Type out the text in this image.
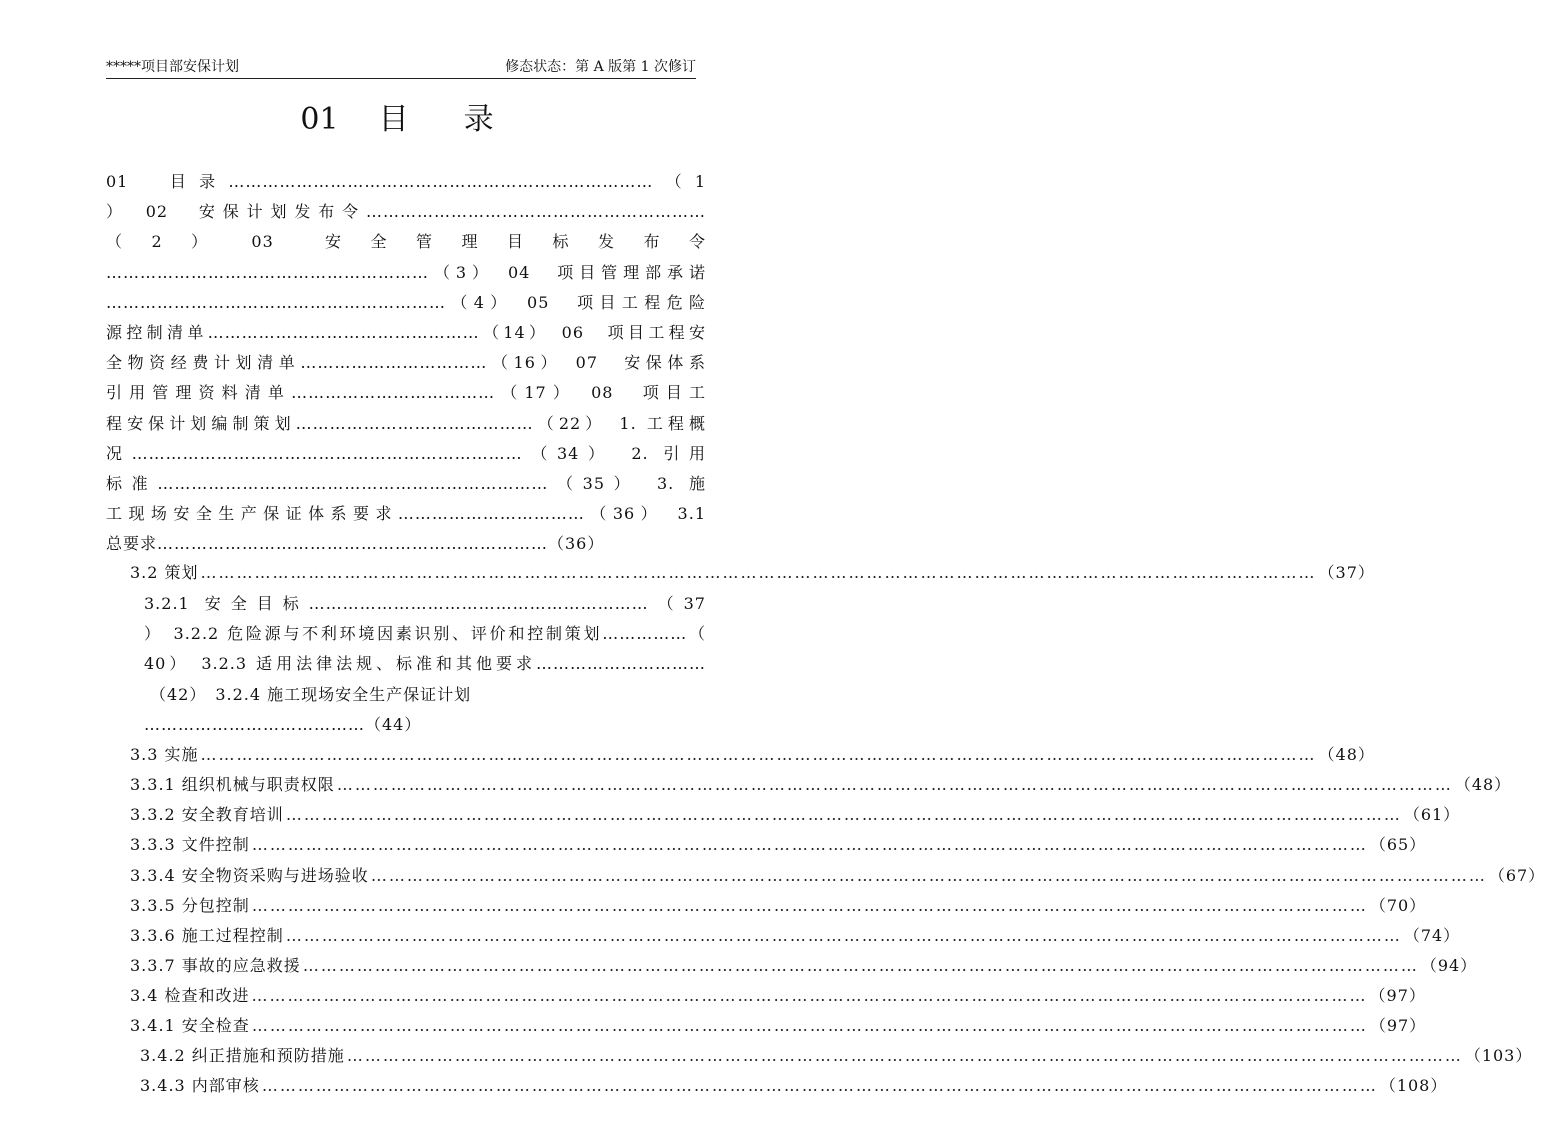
*****项目部安保计划	修态状态：第 A 版第 1 次修订
01 目 录
01　目录…………………………………………………………………（1
）　02　安保计划发布令……………………………………………………
（　2　）　　03　　安　全　管　理　目　标　发　布　令
…………………………………………………（3）　04　项目管理部承诺
……………………………………………………（4）　05　项目工程危险
源控制清单…………………………………………（14）　06　项目工程安
全物资经费计划清单……………………………（16）　07　安保体系
引用管理资料清单………………………………（17）　08　项目工
程安保计划编制策划……………………………………（22）　1. 工程概
况……………………………………………………………（34）　2. 引用
标准……………………………………………………………（35）　3. 施
工现场安全生产保证体系要求……………………………（36）　3.1
总要求……………………………………………………………（36）
3.2 策划 …………………………………………………………………………………………………………………………………………………………………… （37）
3.2.1 安全目标……………………………………………………（37
）　3.2.2 危险源与不利环境因素识别、评价和控制策划……………（
40）　3.2.3 适用法律法规、标准和其他要求…………………………
（42）　3.2.4 施工现场安全生产保证计划
…………………………………（44）
3.3 实施 …………………………………………………………………………………………………………………………………………………………………… （48）
3.3.1 组织机械与职责权限 …………………………………………………………………………………………………………………………………………………………………… （48）
3.3.2 安全教育培训 …………………………………………………………………………………………………………………………………………………………………… （61）
3.3.3 文件控制 …………………………………………………………………………………………………………………………………………………………………… （65）
3.3.4 安全物资采购与进场验收 …………………………………………………………………………………………………………………………………………………………………… （67）
3.3.5 分包控制 …………………………………………………………………………………………………………………………………………………………………… （70）
3.3.6 施工过程控制 …………………………………………………………………………………………………………………………………………………………………… （74）
3.3.7 事故的应急救援 …………………………………………………………………………………………………………………………………………………………………… （94）
3.4 检查和改进 …………………………………………………………………………………………………………………………………………………………………… （97）
3.4.1 安全检查 …………………………………………………………………………………………………………………………………………………………………… （97）
3.4.2 纠正措施和预防措施 …………………………………………………………………………………………………………………………………………………………………… （103）
3.4.3 内部审核 …………………………………………………………………………………………………………………………………………………………………… （108）
